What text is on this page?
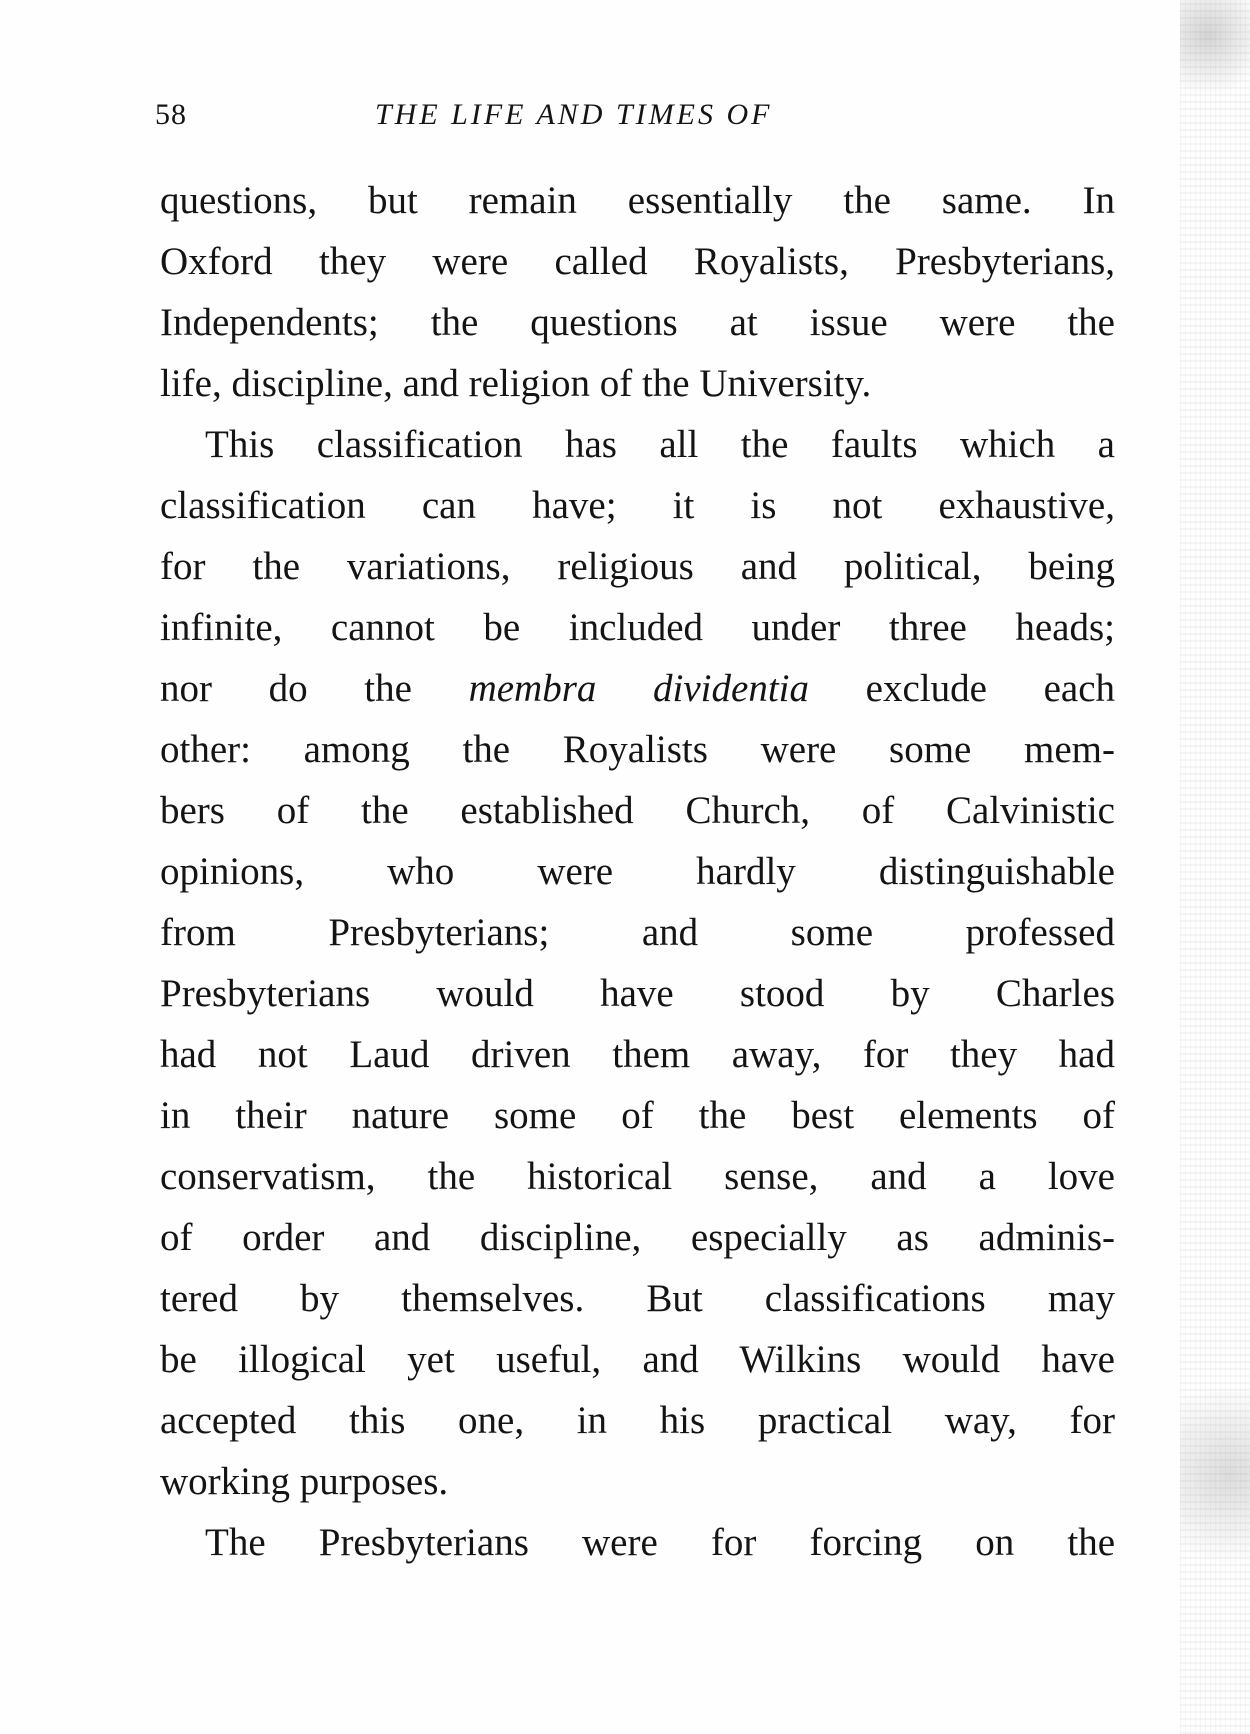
58	THE LIFE AND TIMES OF
questions, but remain essentially the same. In
Oxford they were called Royalists, Presbyterians,
Independents; the questions at issue were the
life, discipline, and religion of the University.
This classification has all the faults which a
classification can have; it is not exhaustive,
for the variations, religious and political, being
infinite, cannot be included under three heads;
nor do the membra dividentia exclude each
other: among the Royalists were some mem-
bers of the established Church, of Calvinistic
opinions, who were hardly distinguishable
from Presbyterians; and some professed
Presbyterians would have stood by Charles
had not Laud driven them away, for they had
in their nature some of the best elements of
conservatism, the historical sense, and a love
of order and discipline, especially as adminis-
tered by themselves. But classifications may
be illogical yet useful, and Wilkins would have
accepted this one, in his practical way, for
working purposes.
The Presbyterians were for forcing on the
